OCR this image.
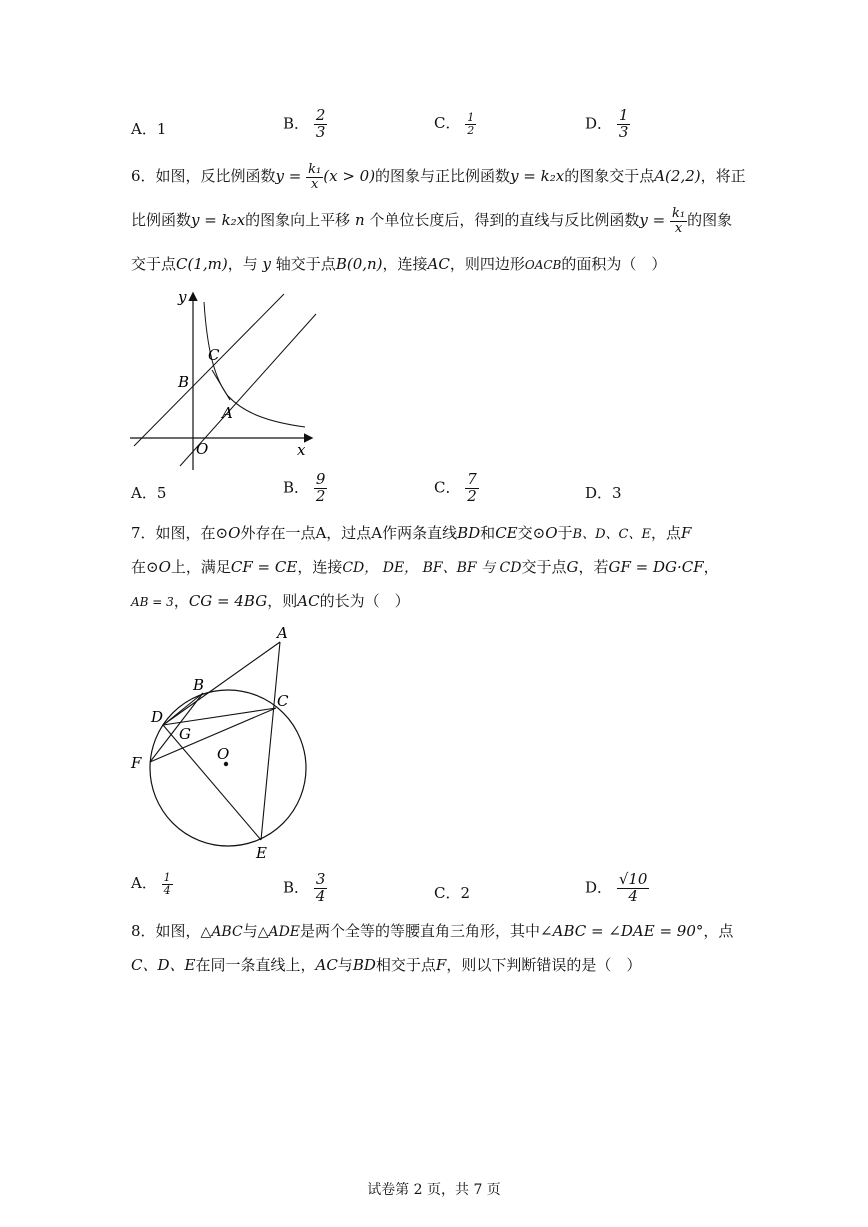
A．1	B． $\frac{2}{3}$	C． $\frac{1}{2}$	D． $\frac{1}{3}$
6．如图，反比例函数$y = \frac{\text{k₁}}{x} (x > 0)$的图象与正比例函数y = k₂x的图象交于点A(2,2)，将正
比例函数y = k₂x的图象向上平移 n 个单位长度后，得到的直线与反比例函数$y = \frac{\text{k₁}}{x}$ 的图象
交于点C(1,m)，与 y 轴交于点B(0,n)，连接AC，则四边形OACB的面积为（　）
y
C
B
A
O	x
A．5	B． $\frac{9}{2}$	C． $\frac{7}{2}$	D．3
7．如图，在⊙O外存在一点A，过点A作两条直线BD和CE交⊙O于B、D、C、E，点F
在⊙O上，满足CF = CE，连接CD， DE， BF、BF 与 CD交于点G，若GF = DG·CF，
AB = 3，CG = 4BG，则AC的长为（　）
A
B
C
D
G
O
F
E
A． $\frac{1}{4}$	B． $\frac{3}{4}$	C．2	D． $\frac{√10}{4}$
8．如图，△ABC与△ADE是两个全等的等腰直角三角形，其中∠ABC = ∠DAE = 90°，点
C、D、E在同一条直线上，AC与BD相交于点F，则以下判断错误的是（　）
试卷第 2 页，共 7 页
